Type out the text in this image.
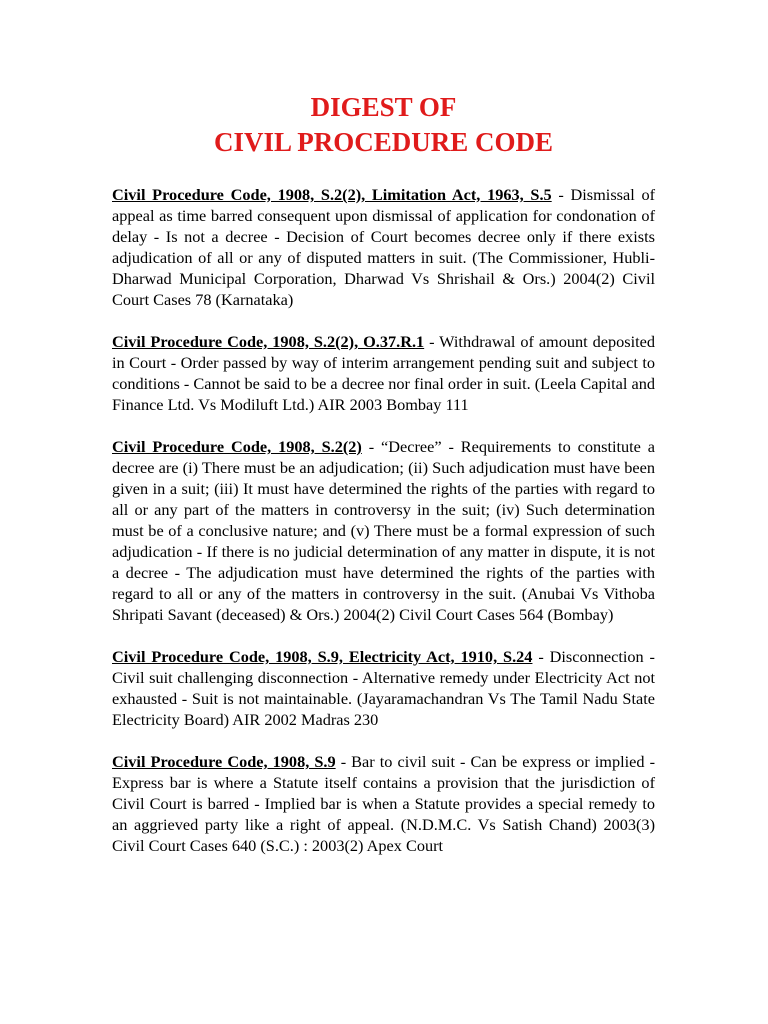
DIGEST OF
CIVIL PROCEDURE CODE

Civil Procedure Code, 1908, S.2(2), Limitation Act, 1963, S.5 - Dismissal of appeal as time barred consequent upon dismissal of application for condonation of delay - Is not a decree - Decision of Court becomes decree only if there exists adjudication of all or any of disputed matters in suit. (The Commissioner, Hubli-Dharwad Municipal Corporation, Dharwad Vs Shrishail & Ors.) 2004(2) Civil Court Cases 78 (Karnataka)

Civil Procedure Code, 1908, S.2(2), O.37.R.1 - Withdrawal of amount deposited in Court - Order passed by way of interim arrangement pending suit and subject to conditions - Cannot be said to be a decree nor final order in suit. (Leela Capital and Finance Ltd. Vs Modiluft Ltd.) AIR 2003 Bombay 111

Civil Procedure Code, 1908, S.2(2) - “Decree” - Requirements to constitute a decree are (i) There must be an adjudication; (ii) Such adjudication must have been given in a suit; (iii) It must have determined the rights of the parties with regard to all or any part of the matters in controversy in the suit; (iv) Such determination must be of a conclusive nature; and (v) There must be a formal expression of such adjudication - If there is no judicial determination of any matter in dispute, it is not a decree - The adjudication must have determined the rights of the parties with regard to all or any of the matters in controversy in the suit. (Anubai Vs Vithoba Shripati Savant (deceased) & Ors.) 2004(2) Civil Court Cases 564 (Bombay)

Civil Procedure Code, 1908, S.9, Electricity Act, 1910, S.24 - Disconnection - Civil suit challenging disconnection - Alternative remedy under Electricity Act not exhausted - Suit is not maintainable. (Jayaramachandran Vs The Tamil Nadu State Electricity Board) AIR 2002 Madras 230

Civil Procedure Code, 1908, S.9 - Bar to civil suit - Can be express or implied - Express bar is where a Statute itself contains a provision that the jurisdiction of Civil Court is barred - Implied bar is when a Statute provides a special remedy to an aggrieved party like a right of appeal. (N.D.M.C. Vs Satish Chand) 2003(3) Civil Court Cases 640 (S.C.) : 2003(2) Apex Court
